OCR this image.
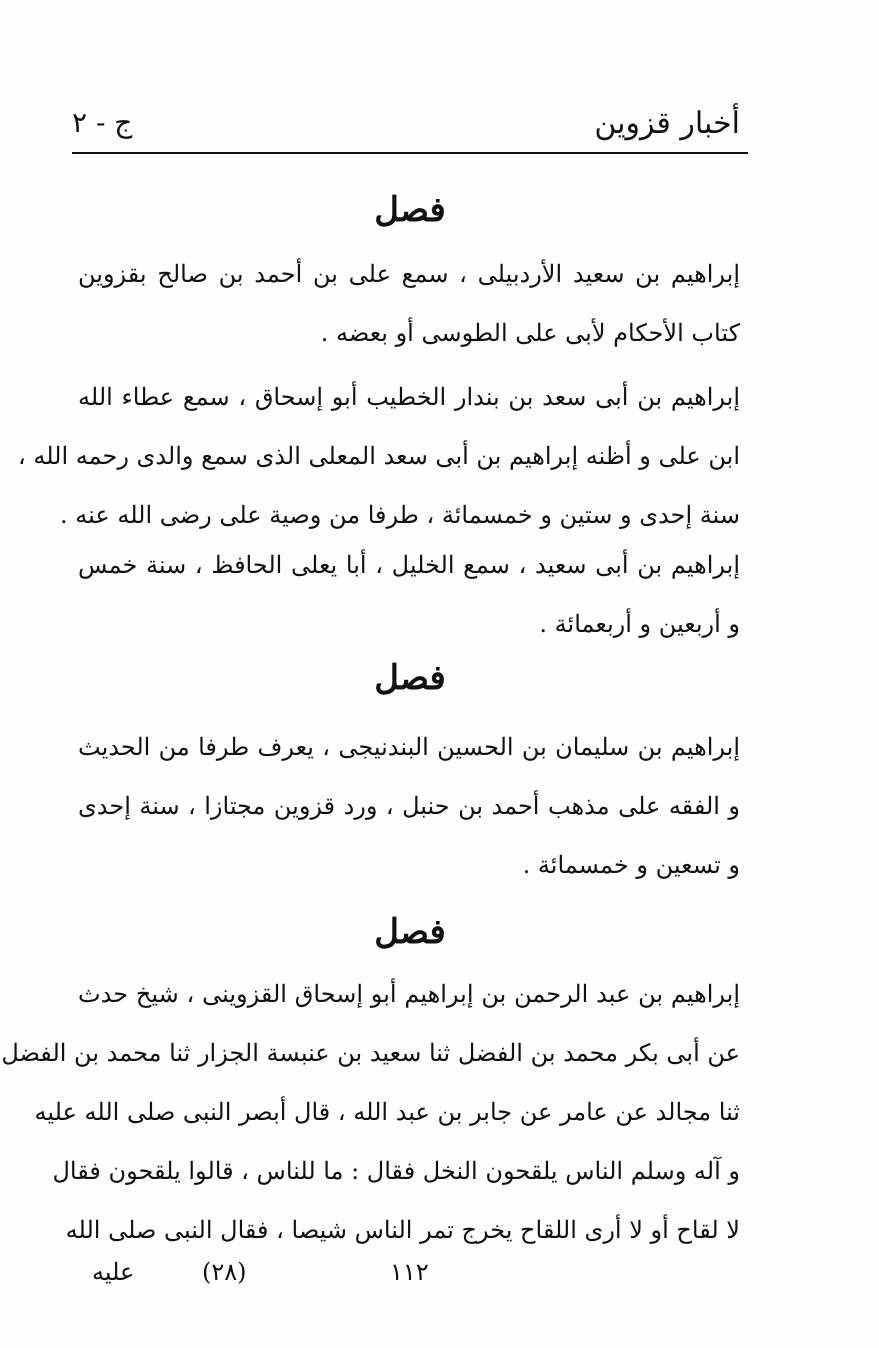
أخبار قزوين
ج - ٢
فصل
إبراهيم بن سعيد الأردبيلى ، سمع على بن أحمد بن صالح بقزوين
كتاب الأحكام لأبى على الطوسى أو بعضه .
إبراهيم بن أبى سعد بن بندار الخطيب أبو إسحاق ، سمع عطاء الله
ابن على و أظنه إبراهيم بن أبى سعد المعلى الذى سمع والدى رحمه الله ،
سنة إحدى و ستين و خمسمائة ، طرفا من وصية على رضى الله عنه .
إبراهيم بن أبى سعيد ، سمع الخليل ، أبا يعلى الحافظ ، سنة خمس
و أربعين و أربعمائة .
فصل
إبراهيم بن سليمان بن الحسين البندنيجى ، يعرف طرفا من الحديث
و الفقه على مذهب أحمد بن حنبل ، ورد قزوين مجتازا ، سنة إحدى
و تسعين و خمسمائة .
فصل
إبراهيم بن عبد الرحمن بن إبراهيم أبو إسحاق القزوينى ، شيخ حدث
عن أبى بكر محمد بن الفضل ثنا سعيد بن عنبسة الجزار ثنا محمد بن الفضل
ثنا مجالد عن عامر عن جابر بن عبد الله ، قال أبصر النبى صلى الله عليه
و آله وسلم الناس يلقحون النخل فقال : ما للناس ، قالوا يلقحون فقال
لا لقاح أو لا أرى اللقاح يخرج تمر الناس شيصا ، فقال النبى صلى الله
١١٢
(٢٨)
عليه
